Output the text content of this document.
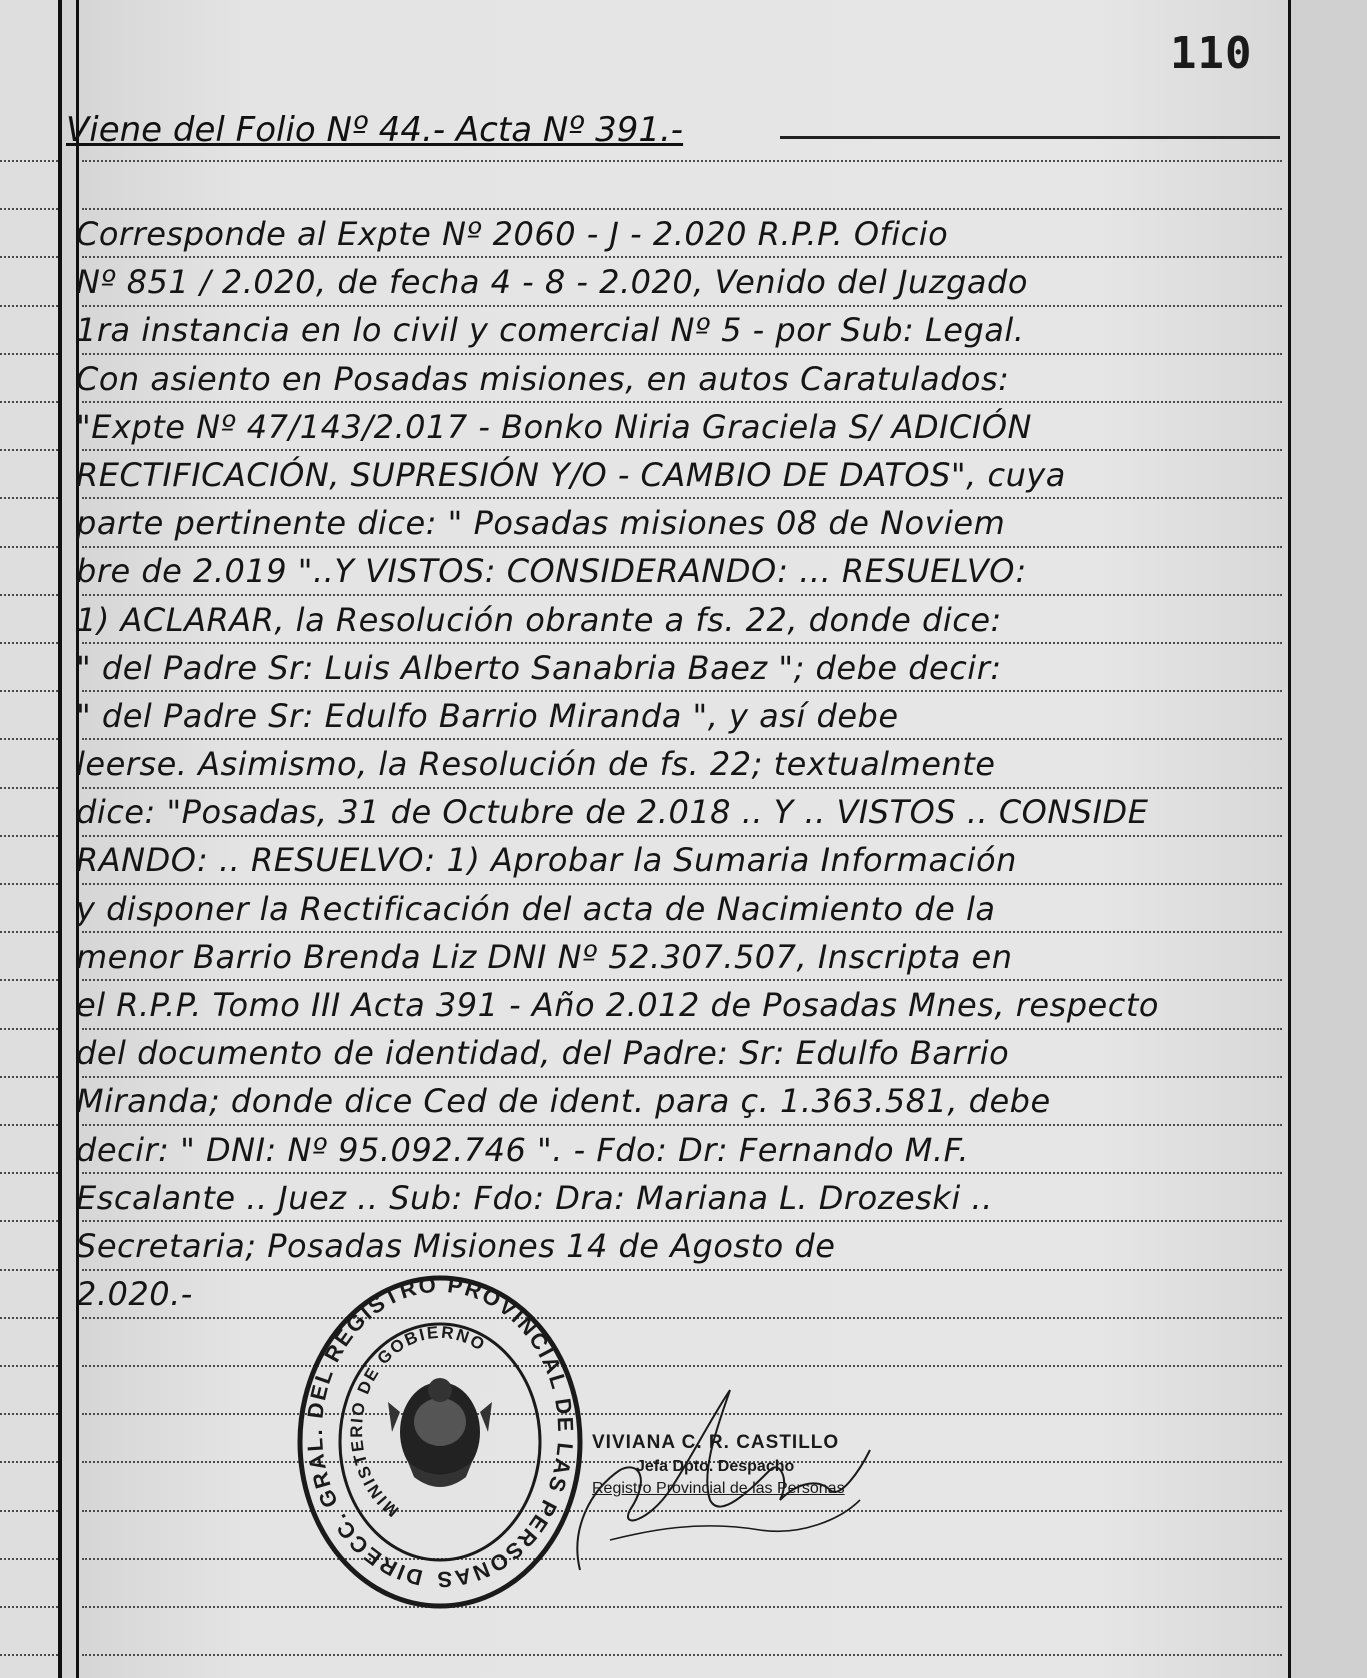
110
Viene del Folio Nº 44.- Acta Nº 391.-
Corresponde al Expte Nº 2060 - J - 2.020 R.P.P. Oficio
Nº 851 / 2.020, de fecha 4 - 8 - 2.020, Venido del Juzgado
1ra instancia en lo civil y comercial Nº 5 - por Sub: Legal.
Con asiento en Posadas misiones, en autos Caratulados:
"Expte Nº 47/143/2.017 - Bonko Niria Graciela S/ ADICIÓN
RECTIFICACIÓN, SUPRESIÓN Y/O - CAMBIO DE DATOS", cuya
parte pertinente dice: " Posadas misiones 08 de Noviem
bre de 2.019 "..Y VISTOS: CONSIDERANDO: ... RESUELVO:
1) ACLARAR, la Resolución obrante a fs. 22, donde dice:
" del Padre Sr: Luis Alberto Sanabria Baez "; debe decir:
" del Padre Sr: Edulfo Barrio Miranda ", y así debe
leerse. Asimismo, la Resolución de fs. 22; textualmente
dice: "Posadas, 31 de Octubre de 2.018 .. Y .. VISTOS .. CONSIDE
RANDO: .. RESUELVO: 1) Aprobar la Sumaria Información
y disponer la Rectificación del acta de Nacimiento de la
menor Barrio Brenda Liz DNI Nº 52.307.507, Inscripta en
el R.P.P. Tomo III Acta 391 - Año 2.012 de Posadas Mnes, respecto
del documento de identidad, del Padre: Sr: Edulfo Barrio
Miranda; donde dice Ced de ident. para ç. 1.363.581, debe
decir: " DNI: Nº 95.092.746 ". - Fdo: Dr: Fernando M.F.
Escalante .. Juez .. Sub: Fdo: Dra: Mariana L. Drozeski ..
Secretaria; Posadas Misiones 14 de Agosto de
2.020.-
DIRECC. GRAL. DEL REGISTRO PROVINCIAL DE LAS PERSONAS
MINISTERIO DE GOBIERNO
VIVIANA C. R. CASTILLO
Jefa Dpto. Despacho
Registro Provincial de las Personas
